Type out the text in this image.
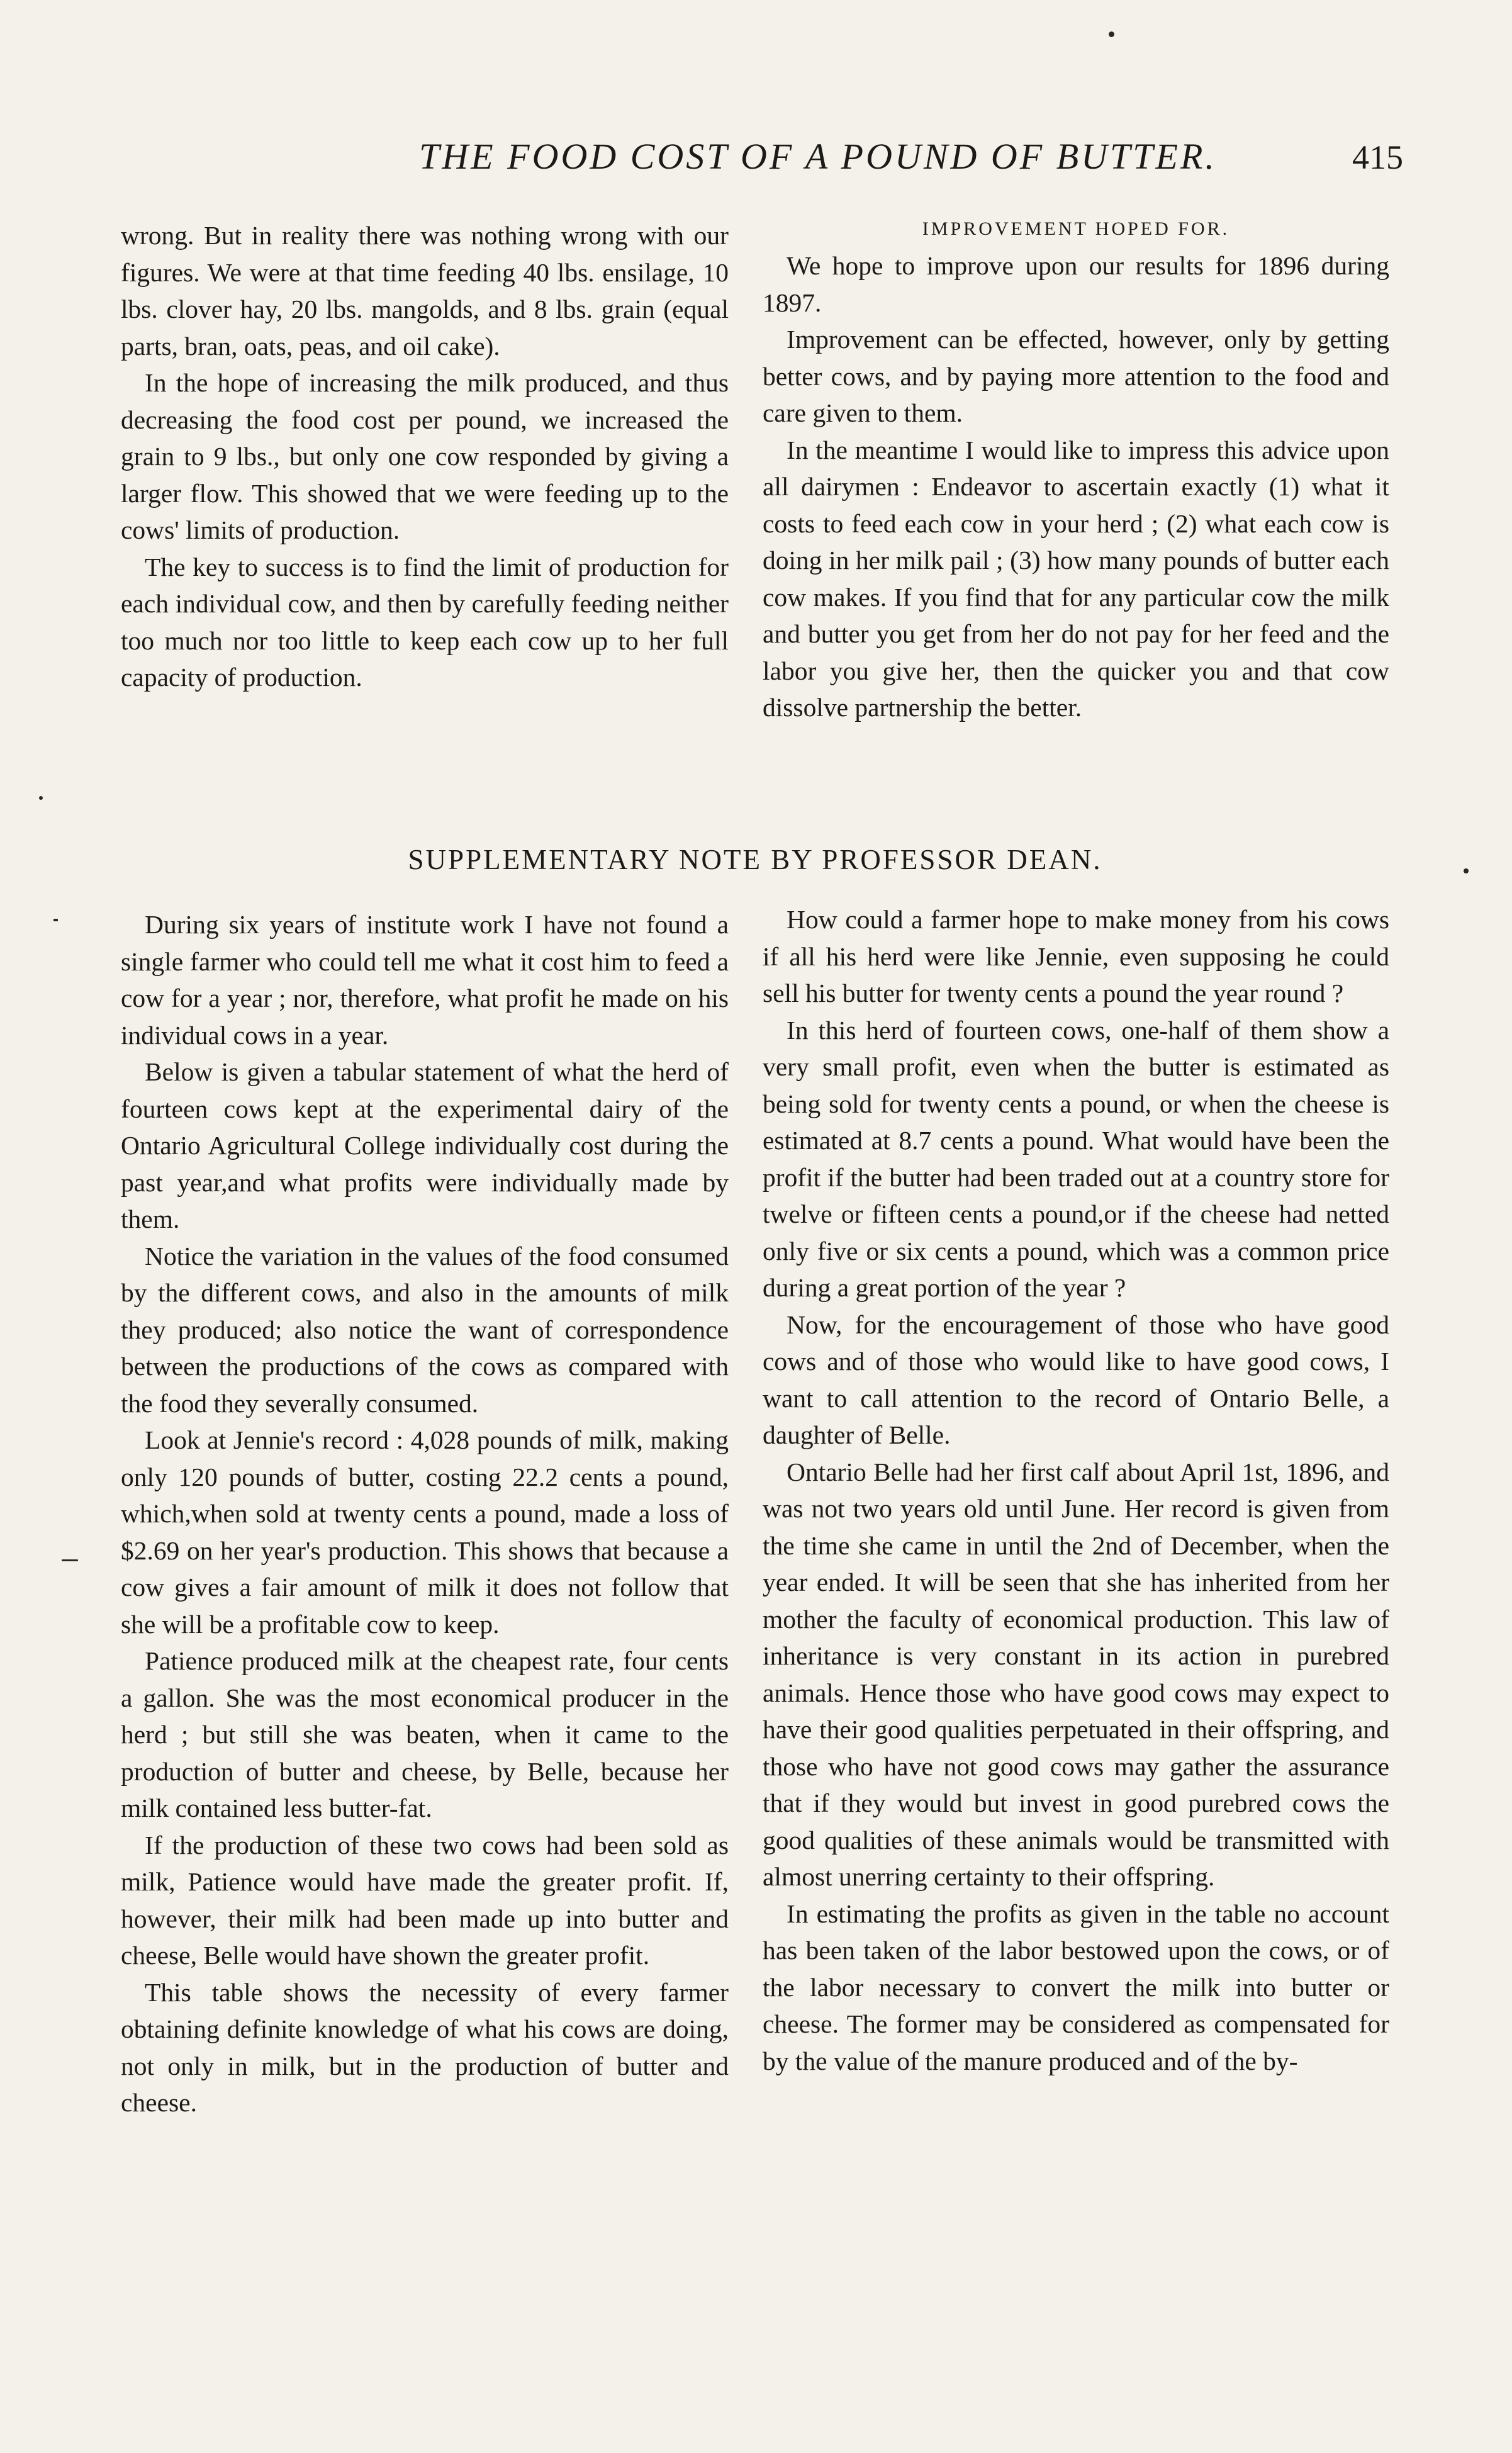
THE FOOD COST OF A POUND OF BUTTER.	415

wrong. But in reality there was nothing wrong with our figures. We were at that time feeding 40 lbs. ensilage, 10 lbs. clover hay, 20 lbs. mangolds, and 8 lbs. grain (equal parts, bran, oats, peas, and oil cake).

In the hope of increasing the milk produced, and thus decreasing the food cost per pound, we increased the grain to 9 lbs., but only one cow responded by giving a larger flow. This showed that we were feeding up to the cows' limits of production.

The key to success is to find the limit of production for each individual cow, and then by carefully feeding neither too much nor too little to keep each cow up to her full capacity of production.

IMPROVEMENT HOPED FOR.

We hope to improve upon our results for 1896 during 1897.

Improvement can be effected, however, only by getting better cows, and by paying more attention to the food and care given to them.

In the meantime I would like to impress this advice upon all dairymen : Endeavor to ascertain exactly (1) what it costs to feed each cow in your herd ; (2) what each cow is doing in her milk pail ; (3) how many pounds of butter each cow makes. If you find that for any particular cow the milk and butter you get from her do not pay for her feed and the labor you give her, then the quicker you and that cow dissolve partnership the better.

SUPPLEMENTARY NOTE BY PROFESSOR DEAN.

During six years of institute work I have not found a single farmer who could tell me what it cost him to feed a cow for a year ; nor, therefore, what profit he made on his individual cows in a year.

Below is given a tabular statement of what the herd of fourteen cows kept at the experimental dairy of the Ontario Agricultural College individually cost during the past year,and what profits were individually made by them.

Notice the variation in the values of the food consumed by the different cows, and also in the amounts of milk they produced; also notice the want of correspondence between the productions of the cows as compared with the food they severally consumed.

Look at Jennie's record : 4,028 pounds of milk, making only 120 pounds of butter, costing 22.2 cents a pound, which,when sold at twenty cents a pound, made a loss of $2.69 on her year's production. This shows that because a cow gives a fair amount of milk it does not follow that she will be a profitable cow to keep.

Patience produced milk at the cheapest rate, four cents a gallon. She was the most economical producer in the herd ; but still she was beaten, when it came to the production of butter and cheese, by Belle, because her milk contained less butter-fat.

If the production of these two cows had been sold as milk, Patience would have made the greater profit. If, however, their milk had been made up into butter and cheese, Belle would have shown the greater profit.

This table shows the necessity of every farmer obtaining definite knowledge of what his cows are doing, not only in milk, but in the production of butter and cheese.

How could a farmer hope to make money from his cows if all his herd were like Jennie, even supposing he could sell his butter for twenty cents a pound the year round ?

In this herd of fourteen cows, one-half of them show a very small profit, even when the butter is estimated as being sold for twenty cents a pound, or when the cheese is estimated at 8.7 cents a pound. What would have been the profit if the butter had been traded out at a country store for twelve or fifteen cents a pound,or if the cheese had netted only five or six cents a pound, which was a common price during a great portion of the year ?

Now, for the encouragement of those who have good cows and of those who would like to have good cows, I want to call attention to the record of Ontario Belle, a daughter of Belle.

Ontario Belle had her first calf about April 1st, 1896, and was not two years old until June. Her record is given from the time she came in until the 2nd of December, when the year ended. It will be seen that she has inherited from her mother the faculty of economical production. This law of inheritance is very constant in its action in purebred animals. Hence those who have good cows may expect to have their good qualities perpetuated in their offspring, and those who have not good cows may gather the assurance that if they would but invest in good purebred cows the good qualities of these animals would be transmitted with almost unerring certainty to their offspring.

In estimating the profits as given in the table no account has been taken of the labor bestowed upon the cows, or of the labor necessary to convert the milk into butter or cheese. The former may be considered as compensated for by the value of the manure produced and of the by-
